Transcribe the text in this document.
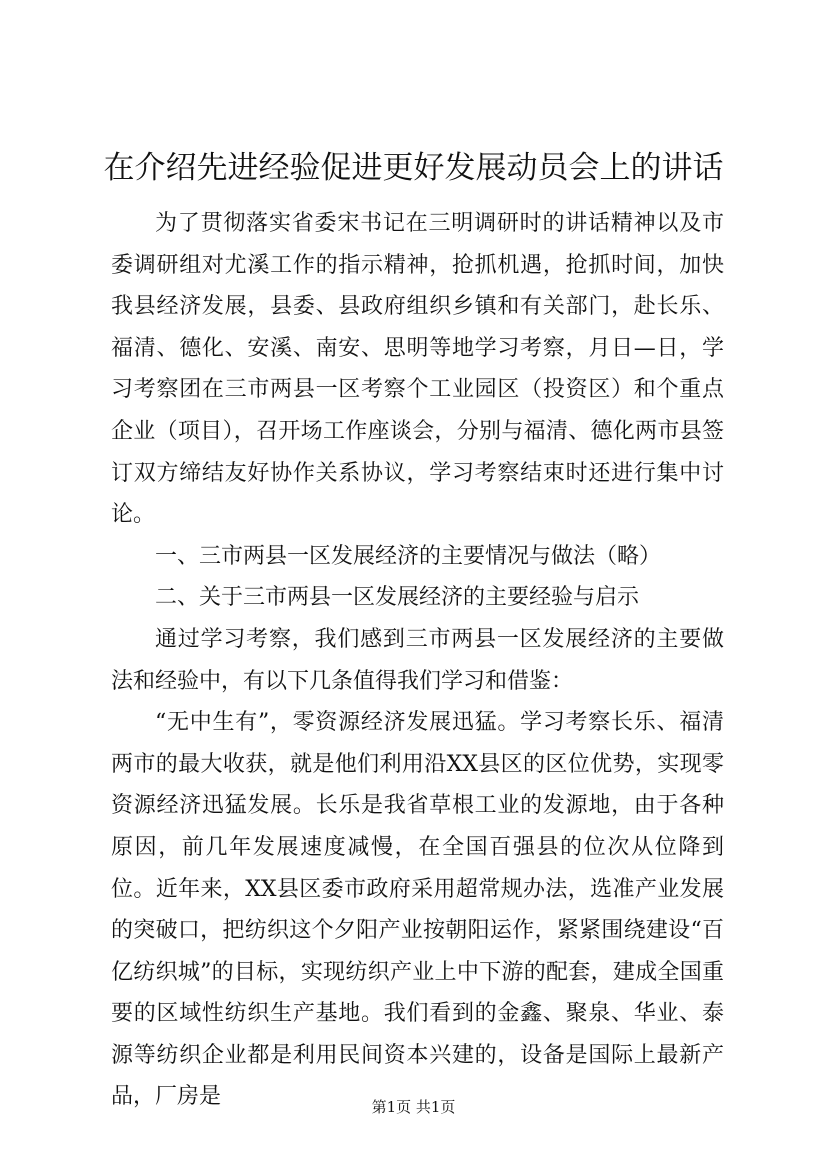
在介绍先进经验促进更好发展动员会上的讲话

为了贯彻落实省委宋书记在三明调研时的讲话精神以及市委调研组对尤溪工作的指示精神，抢抓机遇，抢抓时间，加快我县经济发展，县委、县政府组织乡镇和有关部门，赴长乐、福清、德化、安溪、南安、思明等地学习考察，月日—日，学习考察团在三市两县一区考察个工业园区（投资区）和个重点企业（项目），召开场工作座谈会，分别与福清、德化两市县签订双方缔结友好协作关系协议，学习考察结束时还进行集中讨论。

一、三市两县一区发展经济的主要情况与做法（略）

二、关于三市两县一区发展经济的主要经验与启示

通过学习考察，我们感到三市两县一区发展经济的主要做法和经验中，有以下几条值得我们学习和借鉴：

“无中生有”，零资源经济发展迅猛。学习考察长乐、福清两市的最大收获，就是他们利用沿XX县区的区位优势，实现零资源经济迅猛发展。长乐是我省草根工业的发源地，由于各种原因，前几年发展速度减慢，在全国百强县的位次从位降到位。近年来，XX县区委市政府采用超常规办法，选准产业发展的突破口，把纺织这个夕阳产业按朝阳运作，紧紧围绕建设“百亿纺织城”的目标，实现纺织产业上中下游的配套，建成全国重要的区域性纺织生产基地。我们看到的金鑫、聚泉、华业、泰源等纺织企业都是利用民间资本兴建的，设备是国际上最新产品，厂房是	第1页 共1页
